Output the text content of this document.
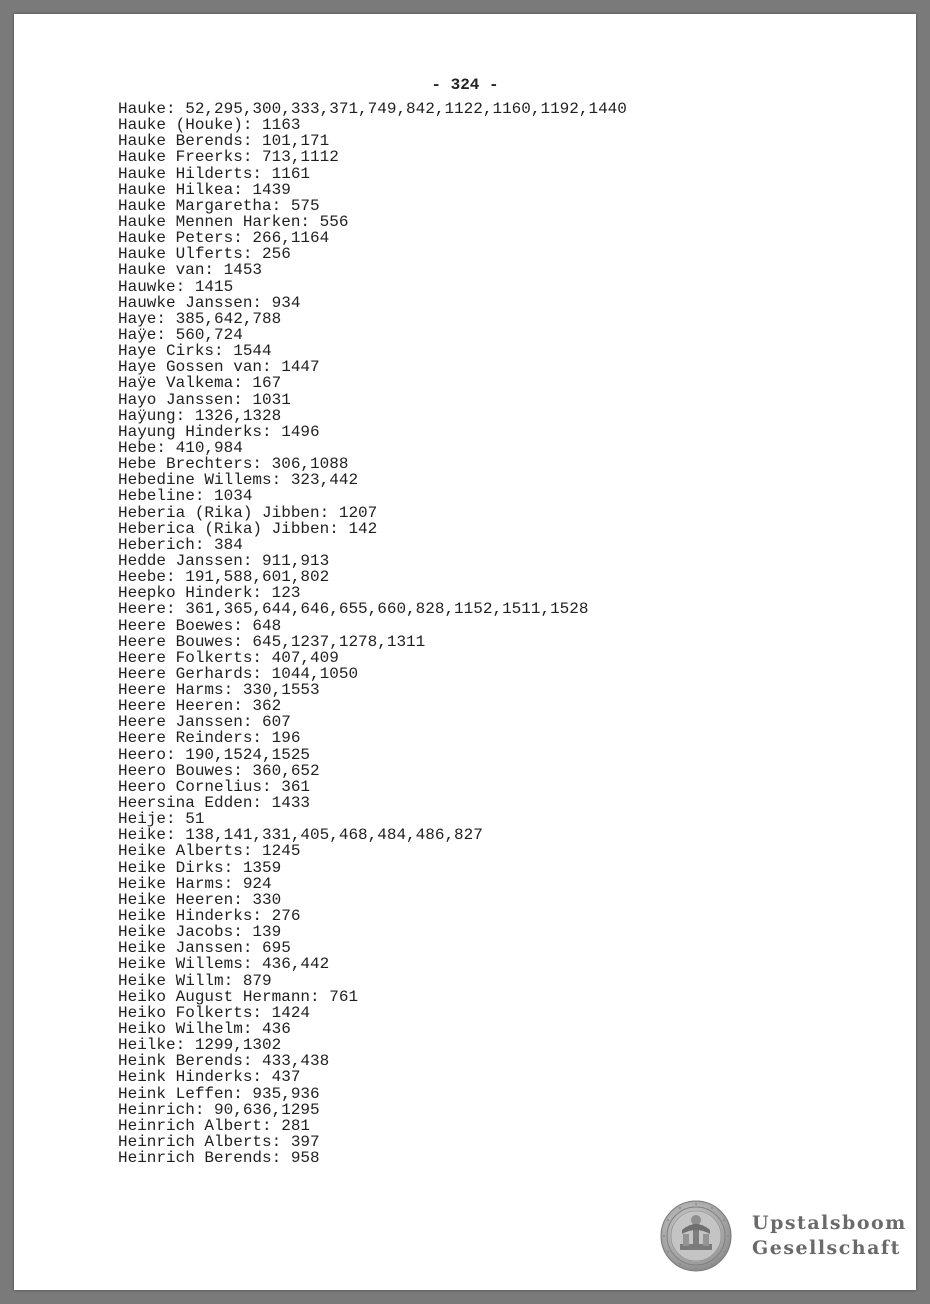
- 324 -
Hauke: 52,295,300,333,371,749,842,1122,1160,1192,1440
Hauke (Houke): 1163
Hauke Berends: 101,171
Hauke Freerks: 713,1112
Hauke Hilderts: 1161
Hauke Hilkea: 1439
Hauke Margaretha: 575
Hauke Mennen Harken: 556
Hauke Peters: 266,1164
Hauke Ulferts: 256
Hauke van: 1453
Hauwke: 1415
Hauwke Janssen: 934
Haye: 385,642,788
Haÿe: 560,724
Haye Cirks: 1544
Haye Gossen van: 1447
Haÿe Valkema: 167
Hayo Janssen: 1031
Haÿung: 1326,1328
Hayung Hinderks: 1496
Hebe: 410,984
Hebe Brechters: 306,1088
Hebedine Willems: 323,442
Hebeline: 1034
Heberia (Rika) Jibben: 1207
Heberica (Rika) Jibben: 142
Heberich: 384
Hedde Janssen: 911,913
Heebe: 191,588,601,802
Heepko Hinderk: 123
Heere: 361,365,644,646,655,660,828,1152,1511,1528
Heere Boewes: 648
Heere Bouwes: 645,1237,1278,1311
Heere Folkerts: 407,409
Heere Gerhards: 1044,1050
Heere Harms: 330,1553
Heere Heeren: 362
Heere Janssen: 607
Heere Reinders: 196
Heero: 190,1524,1525
Heero Bouwes: 360,652
Heero Cornelius: 361
Heersina Edden: 1433
Heije: 51
Heike: 138,141,331,405,468,484,486,827
Heike Alberts: 1245
Heike Dirks: 1359
Heike Harms: 924
Heike Heeren: 330
Heike Hinderks: 276
Heike Jacobs: 139
Heike Janssen: 695
Heike Willems: 436,442
Heike Willm: 879
Heiko August Hermann: 761
Heiko Folkerts: 1424
Heiko Wilhelm: 436
Heilke: 1299,1302
Heink Berends: 433,438
Heink Hinderks: 437
Heink Leffen: 935,936
Heinrich: 90,636,1295
Heinrich Albert: 281
Heinrich Alberts: 397
Heinrich Berends: 958
Upstalsboom
Gesellschaft
